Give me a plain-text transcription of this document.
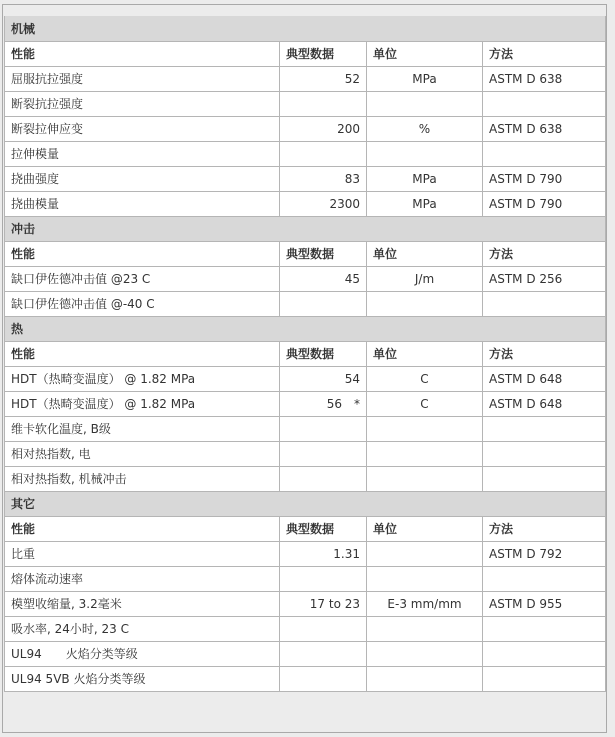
机械			
性能	典型数据	单位	方法
屈服抗拉强度	52	MPa	ASTM D 638
断裂抗拉强度			
断裂拉伸应变	200	%	ASTM D 638
拉伸模量			
挠曲强度	83	MPa	ASTM D 790
挠曲模量	2300	MPa	ASTM D 790
冲击			
性能	典型数据	单位	方法
缺口伊佐德冲击值 @23 C	45	J/m	ASTM D 256
缺口伊佐德冲击值 @-40 C			
热			
性能	典型数据	单位	方法
HDT（热畸变温度） @ 1.82 MPa	54	C	ASTM D 648
HDT（热畸变温度） @ 1.82 MPa	56 *	C	ASTM D 648
维卡软化温度, B级			
相对热指数, 电			
相对热指数, 机械冲击			
其它			
性能	典型数据	单位	方法
比重	1.31		ASTM D 792
熔体流动速率			
模塑收缩量, 3.2毫米	17 to 23	E-3 mm/mm	ASTM D 955
吸水率, 24小时, 23 C			
UL94　　火焰分类等级			
UL94 5VB 火焰分类等级			
